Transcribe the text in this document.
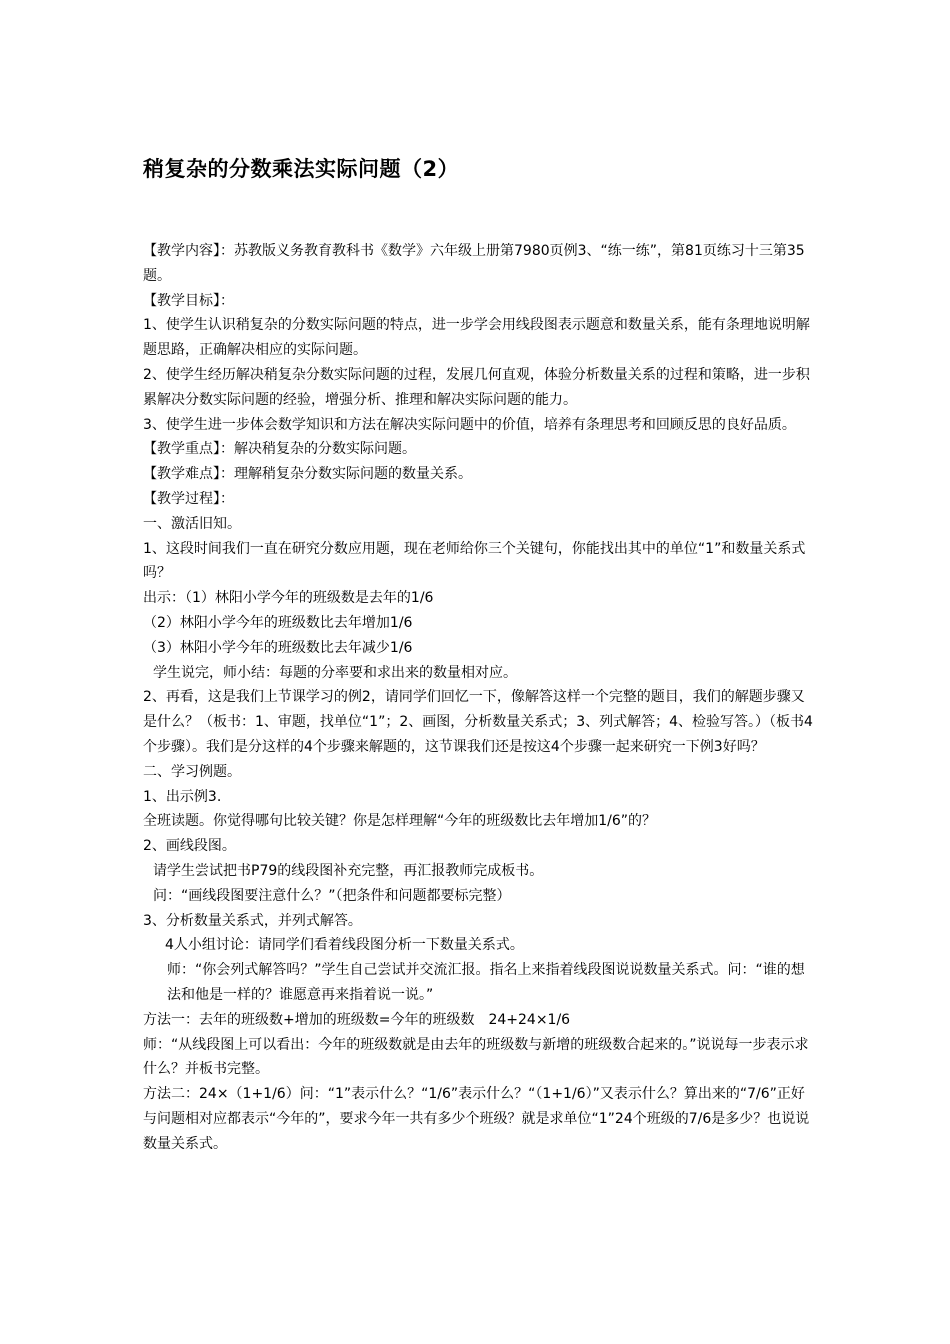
稍复杂的分数乘法实际问题（2）

【教学内容】：苏教版义务教育教科书《数学》六年级上册第7980页例3、“练一练”，第81页练习十三第35题。

【教学目标】：

1、使学生认识稍复杂的分数实际问题的特点，进一步学会用线段图表示题意和数量关系，能有条理地说明解题思路，正确解决相应的实际问题。

2、使学生经历解决稍复杂分数实际问题的过程，发展几何直观，体验分析数量关系的过程和策略，进一步积累解决分数实际问题的经验，增强分析、推理和解决实际问题的能力。

3、使学生进一步体会数学知识和方法在解决实际问题中的价值，培养有条理思考和回顾反思的良好品质。

【教学重点】：解决稍复杂的分数实际问题。

【教学难点】：理解稍复杂分数实际问题的数量关系。

【教学过程】：

一、激活旧知。

1、这段时间我们一直在研究分数应用题，现在老师给你三个关键句，你能找出其中的单位“1”和数量关系式吗？

出示：（1）林阳小学今年的班级数是去年的1/6

（2）林阳小学今年的班级数比去年增加1/6

（3）林阳小学今年的班级数比去年减少1/6

学生说完，师小结：每题的分率要和求出来的数量相对应。

2、再看，这是我们上节课学习的例2，请同学们回忆一下，像解答这样一个完整的题目，我们的解题步骤又是什么？（板书：1、审题，找单位“1”；2、画图，分析数量关系式；3、列式解答；4、检验写答。）（板书4个步骤）。我们是分这样的4个步骤来解题的，这节课我们还是按这4个步骤一起来研究一下例3好吗？

二、学习例题。

1、出示例3.

全班读题。你觉得哪句比较关键？你是怎样理解“今年的班级数比去年增加1/6”的？

2、画线段图。

请学生尝试把书P79的线段图补充完整，再汇报教师完成板书。

问：“画线段图要注意什么？”（把条件和问题都要标完整）

3、分析数量关系式，并列式解答。

4人小组讨论：请同学们看着线段图分析一下数量关系式。

师：“你会列式解答吗？”学生自己尝试并交流汇报。指名上来指着线段图说说数量关系式。问：“谁的想法和他是一样的？谁愿意再来指着说一说。”

方法一：去年的班级数+增加的班级数=今年的班级数　24+24×1/6

师：“从线段图上可以看出：今年的班级数就是由去年的班级数与新增的班级数合起来的。”说说每一步表示求什么？并板书完整。

方法二：24×（1+1/6）问：“1”表示什么？“1/6”表示什么？“（1+1/6）”又表示什么？算出来的“7/6”正好与问题相对应都表示“今年的”，要求今年一共有多少个班级？就是求单位“1”24个班级的7/6是多少？也说说数量关系式。
